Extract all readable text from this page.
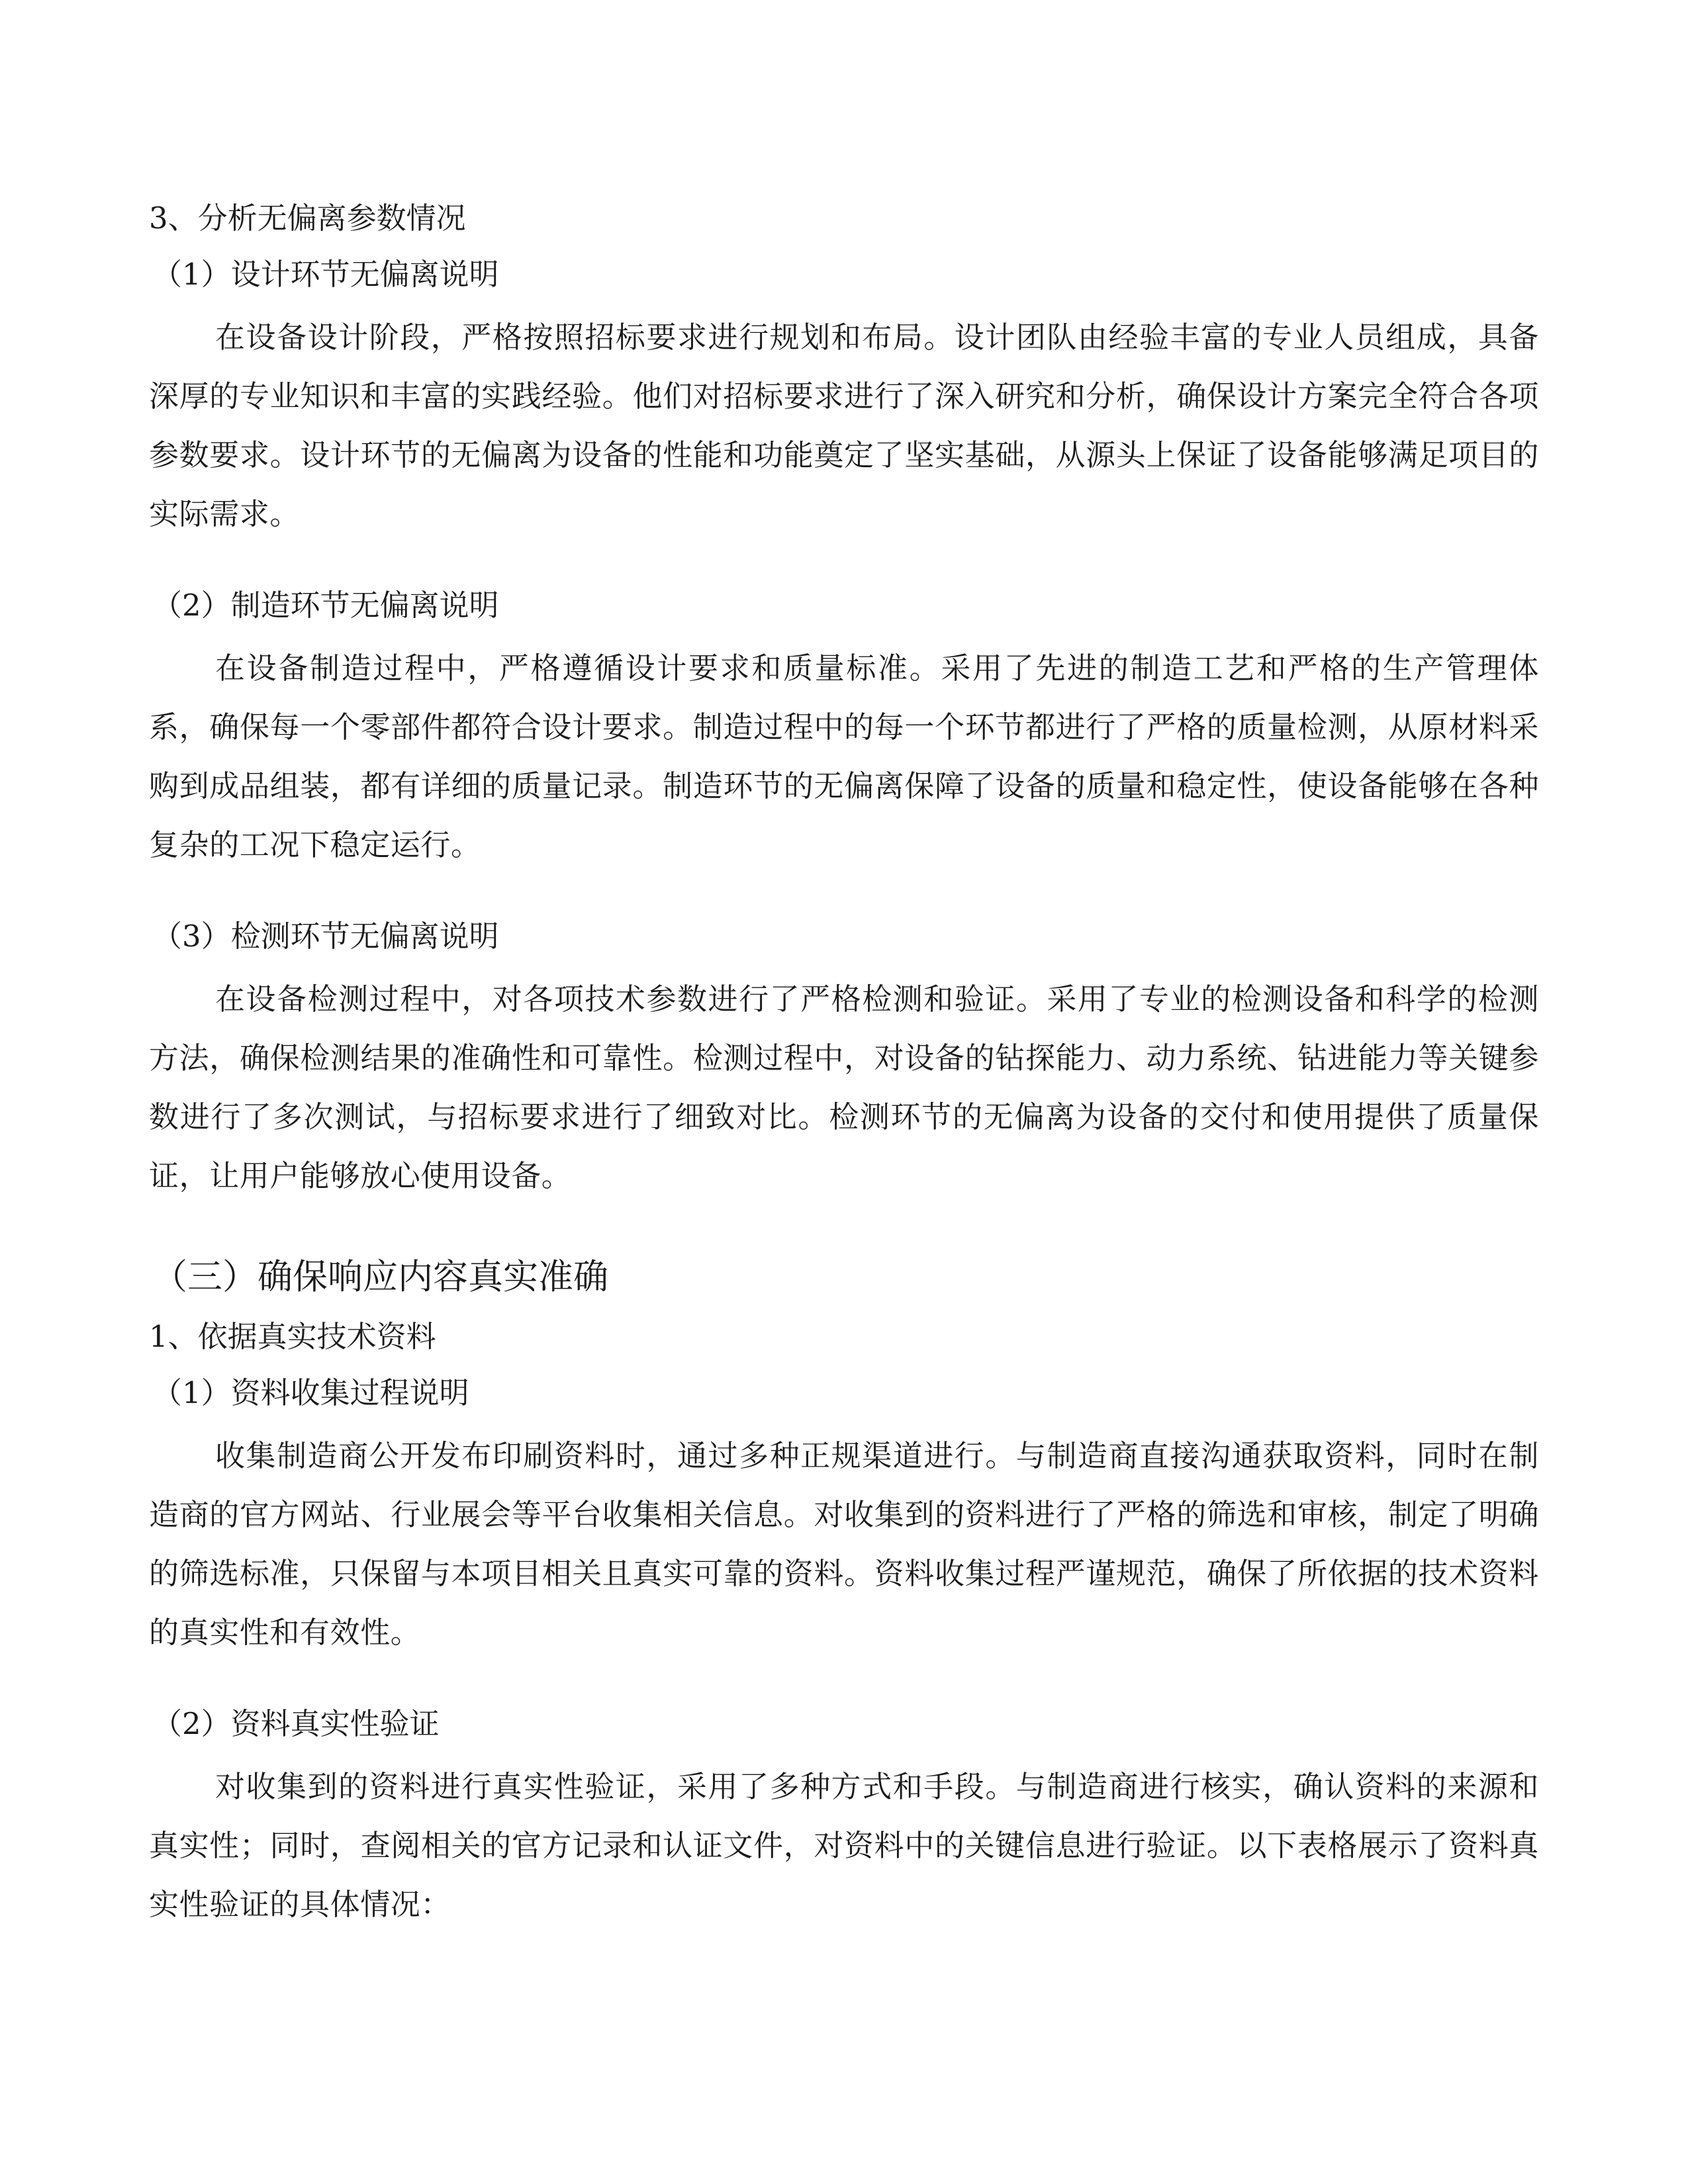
3、分析无偏离参数情况
（1）设计环节无偏离说明

在设备设计阶段，严格按照招标要求进行规划和布局。设计团队由经验丰富的专业人员组成，具备深厚的专业知识和丰富的实践经验。他们对招标要求进行了深入研究和分析，确保设计方案完全符合各项参数要求。设计环节的无偏离为设备的性能和功能奠定了坚实基础，从源头上保证了设备能够满足项目的实际需求。

（2）制造环节无偏离说明

在设备制造过程中，严格遵循设计要求和质量标准。采用了先进的制造工艺和严格的生产管理体系，确保每一个零部件都符合设计要求。制造过程中的每一个环节都进行了严格的质量检测，从原材料采购到成品组装，都有详细的质量记录。制造环节的无偏离保障了设备的质量和稳定性，使设备能够在各种复杂的工况下稳定运行。

（3）检测环节无偏离说明

在设备检测过程中，对各项技术参数进行了严格检测和验证。采用了专业的检测设备和科学的检测方法，确保检测结果的准确性和可靠性。检测过程中，对设备的钻探能力、动力系统、钻进能力等关键参数进行了多次测试，与招标要求进行了细致对比。检测环节的无偏离为设备的交付和使用提供了质量保证，让用户能够放心使用设备。

（三）确保响应内容真实准确
1、依据真实技术资料
（1）资料收集过程说明

收集制造商公开发布印刷资料时，通过多种正规渠道进行。与制造商直接沟通获取资料，同时在制造商的官方网站、行业展会等平台收集相关信息。对收集到的资料进行了严格的筛选和审核，制定了明确的筛选标准，只保留与本项目相关且真实可靠的资料。资料收集过程严谨规范，确保了所依据的技术资料的真实性和有效性。

（2）资料真实性验证

对收集到的资料进行真实性验证，采用了多种方式和手段。与制造商进行核实，确认资料的来源和真实性；同时，查阅相关的官方记录和认证文件，对资料中的关键信息进行验证。以下表格展示了资料真实性验证的具体情况：
